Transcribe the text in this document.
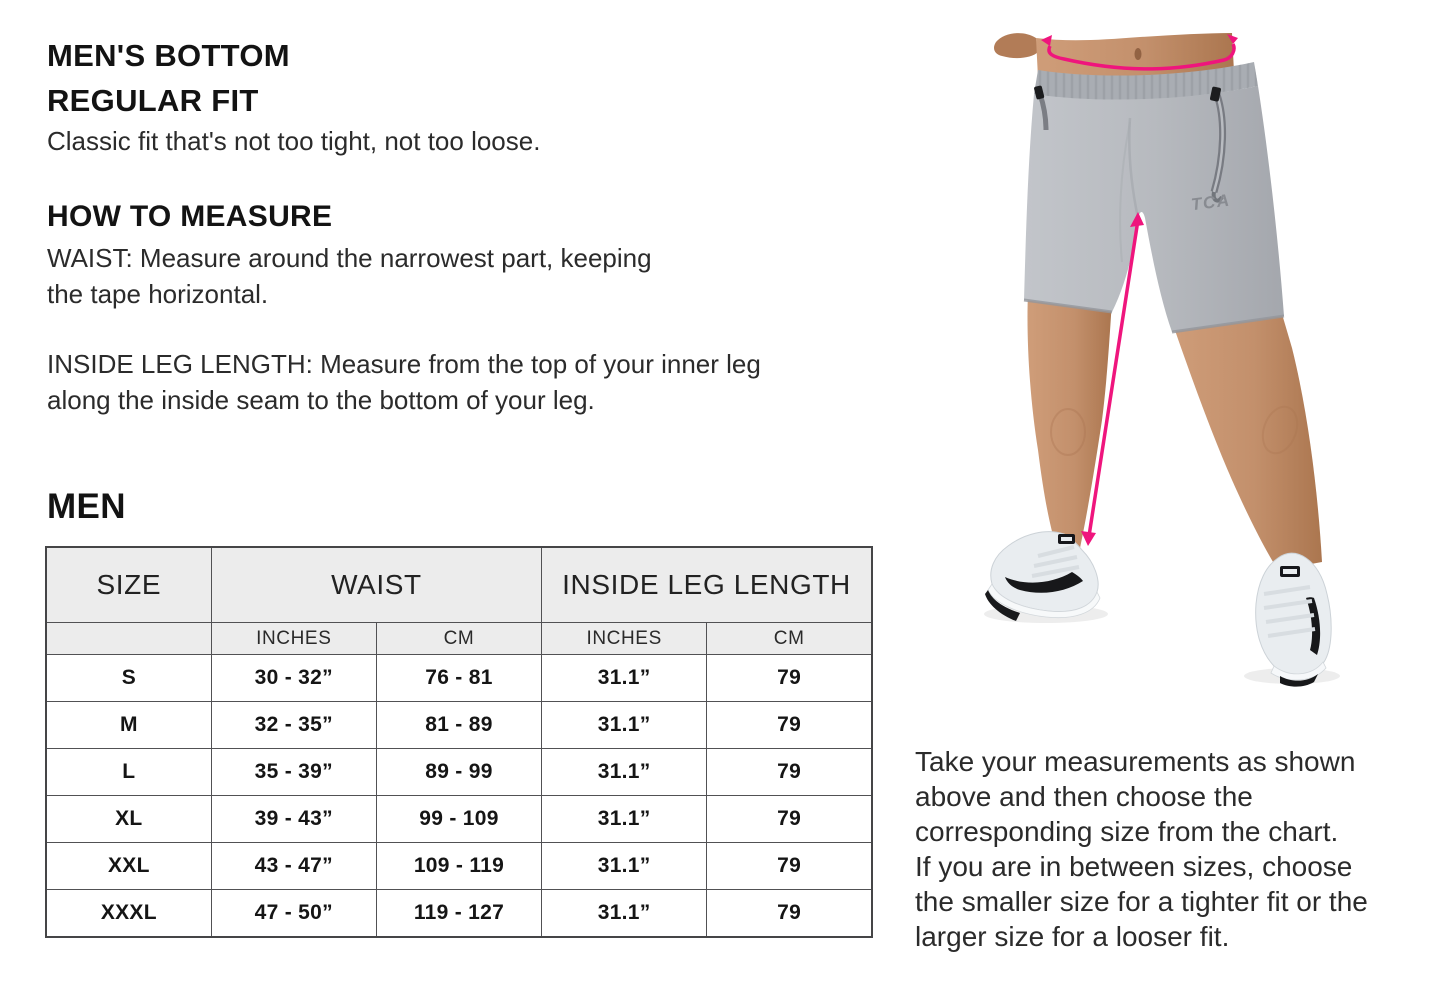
MEN'S BOTTOM
REGULAR FIT
Classic fit that's not too tight, not too loose.
HOW TO MEASURE
WAIST: Measure around the narrowest part, keeping
the tape horizontal.
INSIDE LEG LENGTH: Measure from the top of your inner leg
along the inside seam to the bottom of your leg.
MEN
SIZE	WAIST		INSIDE LEG LENGTH	
	INCHES	CM	INCHES	CM
S	30 - 32”	76 - 81	31.1”	79
M	32 - 35”	81 - 89	31.1”	79
L	35 - 39”	89 - 99	31.1”	79
XL	39 - 43”	99 - 109	31.1”	79
XXL	43 - 47”	109 - 119	31.1”	79
XXXL	47 - 50”	119 - 127	31.1”	79
Take your measurements as shown
above and then choose the
corresponding size from the chart.
If you are in between sizes, choose
the smaller size for a tighter fit or the
larger size for a looser fit.
TCA
